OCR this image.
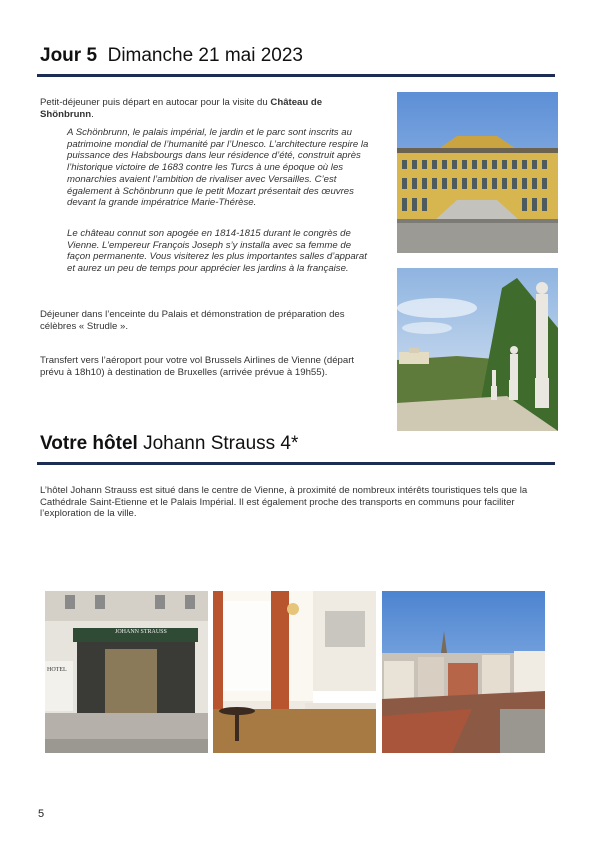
Jour 5 Dimanche 21 mai 2023
Petit-déjeuner puis départ en autocar pour la visite du Château de Shönbrunn.
A Schönbrunn, le palais impérial, le jardin et le parc sont inscrits au patrimoine mondial de l’humanité par l’Unesco. L’architecture respire la puissance des Habsbourgs dans leur résidence d’été, construit après l’historique victoire de 1683 contre les Turcs à une époque où les monarchies avaient l’ambition de rivaliser avec Versailles. C’est également à Schönbrunn que le petit Mozart présentait des œuvres devant la grande impératrice Marie-Thérèse.
Le château connut son apogée en 1814-1815 durant le congrès de Vienne. L’empereur François Joseph s’y installa avec sa femme de façon permanente. Vous visiterez les plus importantes salles d’apparat et aurez un peu de temps pour apprécier les jardins à la française.
Déjeuner dans l’enceinte du Palais et démonstration de préparation des célèbres « Strudle ».
Transfert vers l’aéroport pour votre vol Brussels Airlines de Vienne (départ prévu à 18h10) à destination de Bruxelles (arrivée prévue à 19h55).
Votre hôtel Johann Strauss 4*
L’hôtel Johann Strauss est situé dans le centre de Vienne, à proximité de nombreux intérêts touristiques tels que la Cathédrale Saint-Etienne et le Palais Impérial. Il est également proche des transports en communs pour faciliter l’exploration de la ville.
JOHANN STRAUSS
HOTEL
5
